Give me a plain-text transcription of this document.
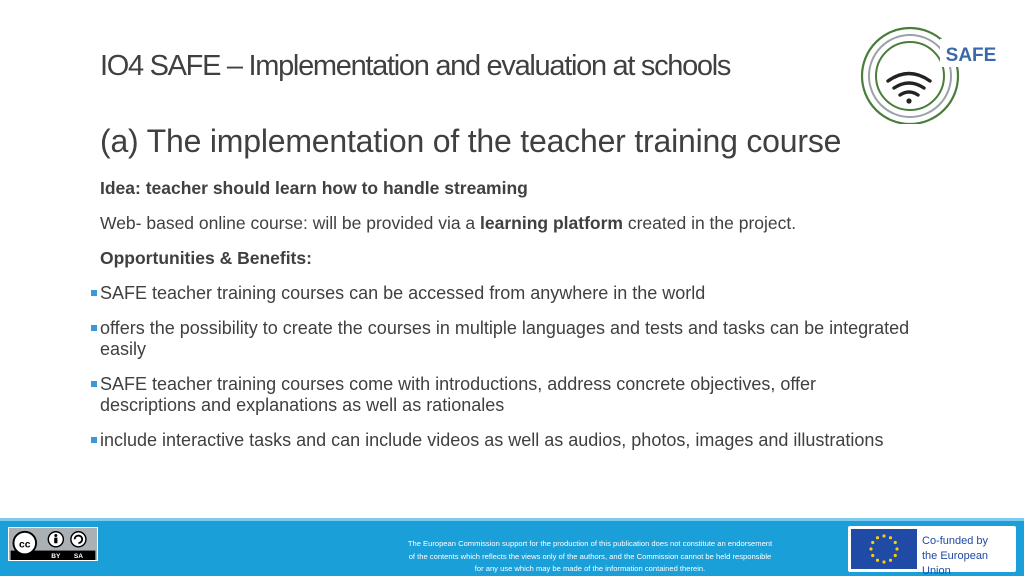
IO4 SAFE – Implementation and evaluation at schools	SAFE
(a) The implementation of the teacher training course
Idea: teacher should learn how to handle streaming
Web- based online course: will be provided via a learning platform created in the project.
Opportunities & Benefits:
SAFE teacher training courses can be accessed from anywhere in the world
offers the possibility to create the courses in multiple languages and tests and tasks can be integrated easily
SAFE teacher training courses come with introductions, address concrete objectives, offer descriptions and explanations as well as rationales
include interactive tasks and can include videos as well as audios, photos, images and illustrations
cc
BY SA
The European Commission support for the production of this publication does not constitute an endorsement
of the contents which reflects the views only of the authors, and the Commission cannot be held responsible
for any use which may be made of the information contained therein.
Co-funded by
the European Union
